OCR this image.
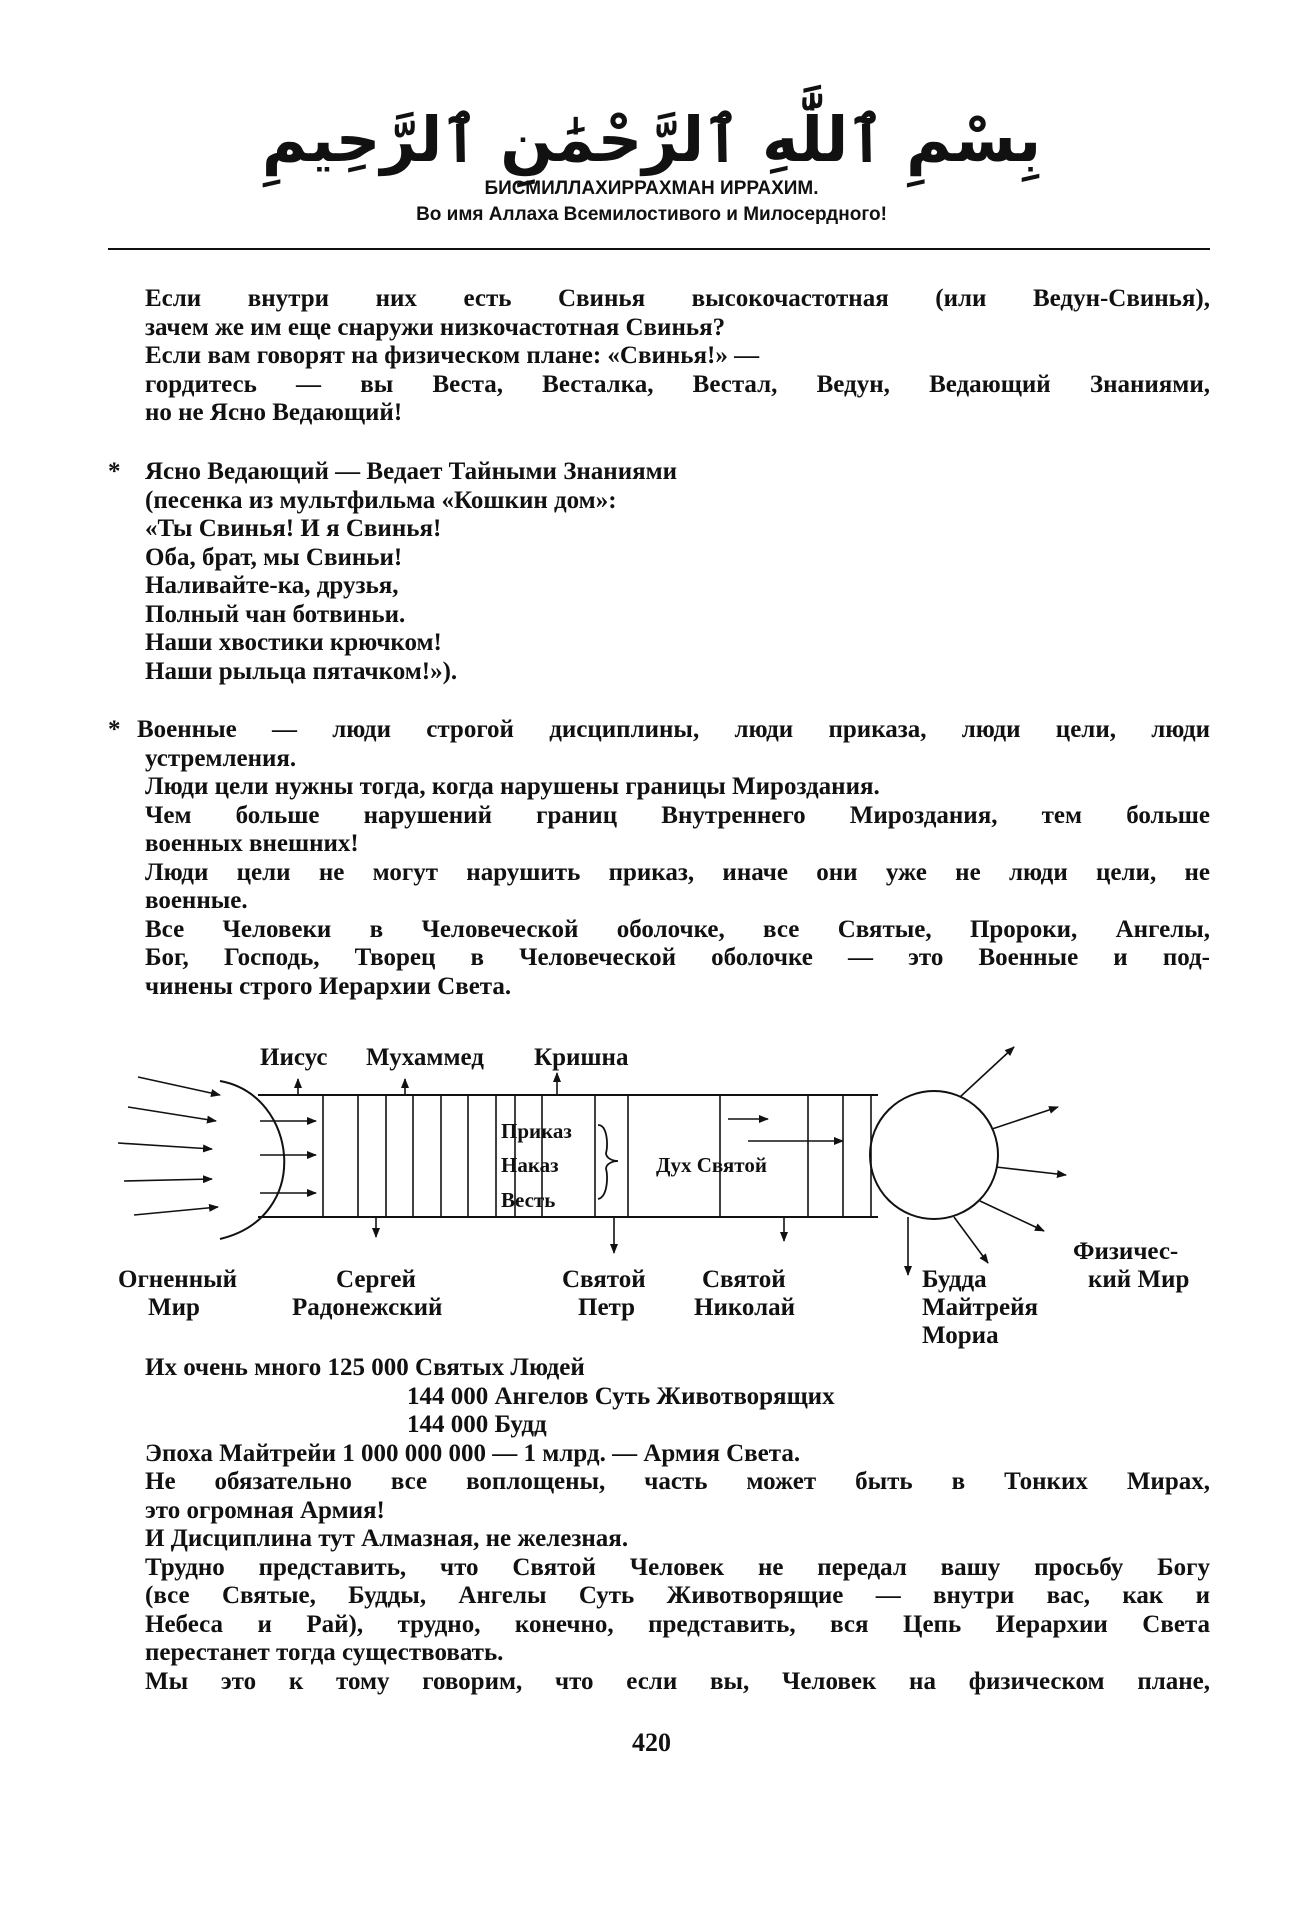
بِسْمِ ٱللَّٰهِ ٱلرَّحْمَٰنِ ٱلرَّحِيمِ

БИСМИЛЛАХИРРАХМАН ИРРАХИМ.

Во имя Аллаха Всемилостивого и Милосердного!

Если внутри них есть Свинья высокочастотная (или Ведун-Свинья),

зачем же им еще снаружи низкочастотная Свинья?

Если вам говорят на физическом плане: «Свинья!» —

гордитесь — вы Веста, Весталка, Вестал, Ведун, Ведающий Знаниями,

но не Ясно Ведающий!

* Ясно Ведающий — Ведает Тайными Знаниями

(песенка из мультфильма «Кошкин дом»:

«Ты Свинья! И я Свинья!

Оба, брат, мы Свиньи!

Наливайте-ка, друзья,

Полный чан ботвиньи.

Наши хвостики крючком!

Наши рыльца пятачком!»).

* Военные — люди строгой дисциплины, люди приказа, люди цели, люди

устремления.

Люди цели нужны тогда, когда нарушены границы Мироздания.

Чем больше нарушений границ Внутреннего Мироздания, тем больше

военных внешних!

Люди цели не могут нарушить приказ, иначе они уже не люди цели, не

военные.

Все Человеки в Человеческой оболочке, все Святые, Пророки, Ангелы,

Бог, Господь, Творец в Человеческой оболочке — это Военные и под-

чинены строго Иерархии Света.

Иисус Мухаммед Кришна
Приказ
Наказ
Весть
Дух Святой
Огненный
Мир
Сергей
Радонежский
Святой
Петр
Святой
Николай
Будда
Майтрейя
Мориа
Физичес-
кий Мир

Их очень много 125 000 Святых Людей

144 000 Ангелов Суть Животворящих

144 000 Будд

Эпоха Майтрейи 1 000 000 000 — 1 млрд. — Армия Света.

Не обязательно все воплощены, часть может быть в Тонких Мирах,

это огромная Армия!

И Дисциплина тут Алмазная, не железная.

Трудно представить, что Святой Человек не передал вашу просьбу Богу

(все Святые, Будды, Ангелы Суть Животворящие — внутри вас, как и

Небеса и Рай), трудно, конечно, представить, вся Цепь Иерархии Света

перестанет тогда существовать.

Мы это к тому говорим, что если вы, Человек на физическом плане,

420
